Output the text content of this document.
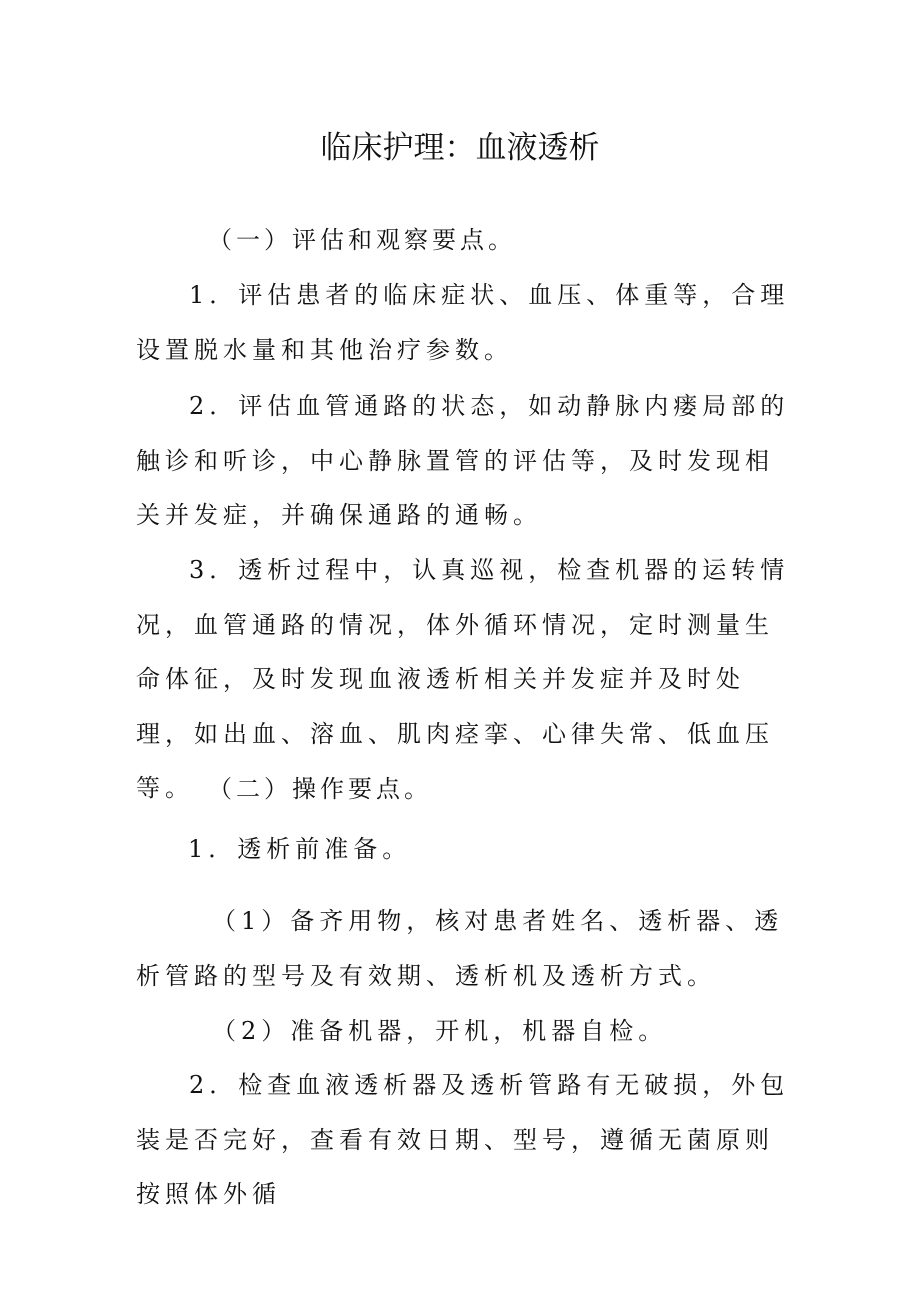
临床护理：血液透析

（一）评估和观察要点。

1．评估患者的临床症状、血压、体重等，合理设置脱水量和其他治疗参数。

2．评估血管通路的状态，如动静脉内瘘局部的触诊和听诊，中心静脉置管的评估等，及时发现相关并发症，并确保通路的通畅。

3．透析过程中，认真巡视，检查机器的运转情况，血管通路的情况，体外循环情况，定时测量生命体征，及时发现血液透析相关并发症并及时处理，如出血、溶血、肌肉痉挛、心律失常、低血压等。 （二）操作要点。

1．透析前准备。

（1）备齐用物，核对患者姓名、透析器、透析管路的型号及有效期、透析机及透析方式。

（2）准备机器，开机，机器自检。

2．检查血液透析器及透析管路有无破损，外包装是否完好，查看有效日期、型号，遵循无菌原则按照体外循
